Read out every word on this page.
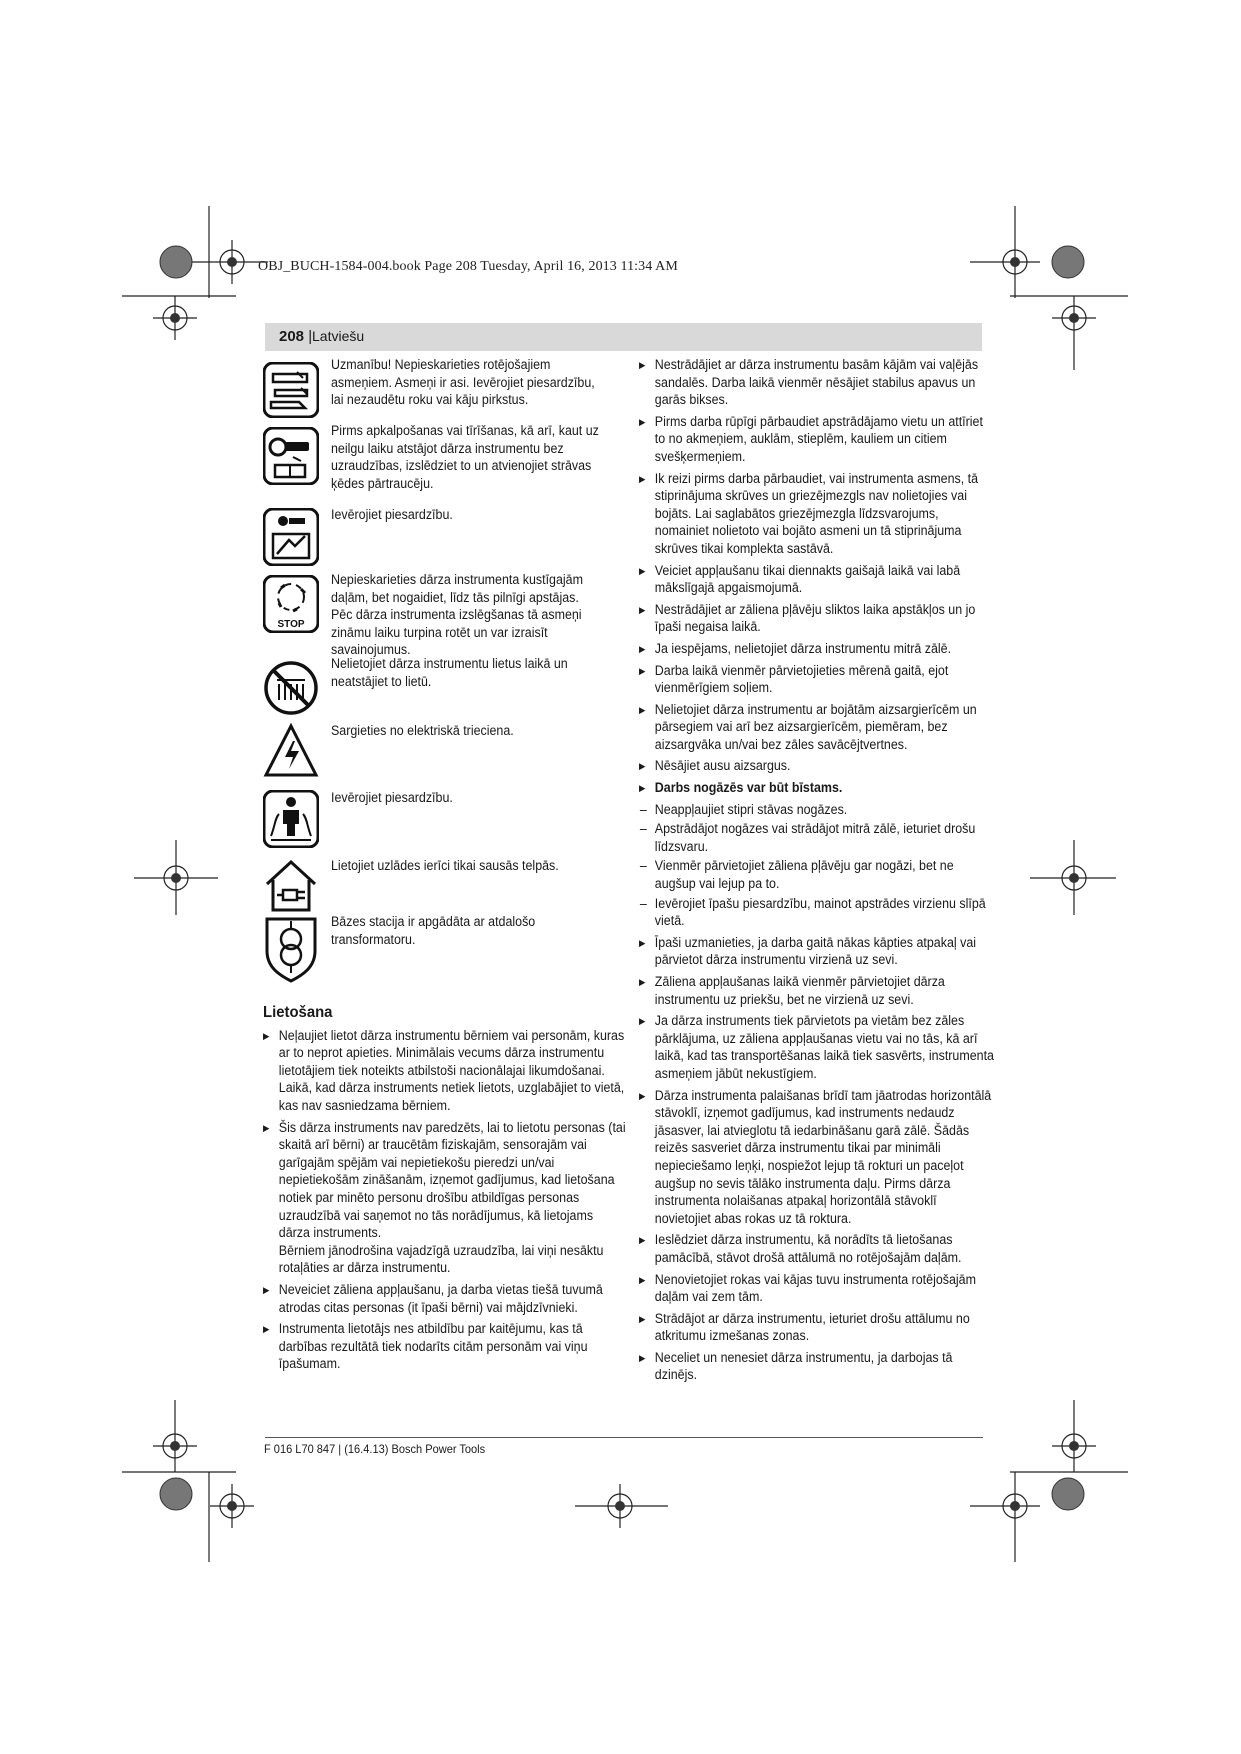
OBJ_BUCH-1584-004.book Page 208 Tuesday, April 16, 2013 11:34 AM
208 | Latviešu
Uzmanību! Nepieskarieties rotējošajiem asmeņiem. Asmeņi ir asi. Ievērojiet piesardzību, lai nezaudētu roku vai kāju pirkstus.
Pirms apkalpošanas vai tīrīšanas, kā arī, kaut uz neilgu laiku atstājot dārza instrumentu bez uzraudzības, izslēdziet to un atvienojiet strāvas ķēdes pārtraucēju.
Ievērojiet piesardzību.
STOP
Nepieskarieties dārza instrumenta kustīgajām daļām, bet nogaidiet, līdz tās pilnīgi apstājas. Pēc dārza instrumenta izslēgšanas tā asmeņi zināmu laiku turpina rotēt un var izraisīt savainojumus.
Nelietojiet dārza instrumentu lietus laikā un neatstājiet to lietū.
Sargieties no elektriskā trieciena.
Ievērojiet piesardzību.
Lietojiet uzlādes ierīci tikai sausās telpās.
Bāzes stacija ir apgādāta ar atdalošo transformatoru.
Lietošana
▶ Neļaujiet lietot dārza instrumentu bērniem vai personām, kuras ar to neprot apieties. Minimālais vecums dārza instrumentu lietotājiem tiek noteikts atbilstoši nacionālajai likumdošanai. Laikā, kad dārza instruments netiek lietots, uzglabājiet to vietā, kas nav sasniedzama bērniem.
▶ Šis dārza instruments nav paredzēts, lai to lietotu personas (tai skaitā arī bērni) ar traucētām fiziskajām, sensorajām vai garīgajām spējām vai nepietiekošu pieredzi un/vai nepietiekošām zināšanām, izņemot gadījumus, kad lietošana notiek par minēto personu drošību atbildīgas personas uzraudzībā vai saņemot no tās norādījumus, kā lietojams dārza instruments.
Bērniem jānodrošina vajadzīgā uzraudzība, lai viņi nesāktu rotaļāties ar dārza instrumentu.
▶ Neveiciet zāliena appļaušanu, ja darba vietas tiešā tuvumā atrodas citas personas (it īpaši bērni) vai mājdzīvnieki.
▶ Instrumenta lietotājs nes atbildību par kaitējumu, kas tā darbības rezultātā tiek nodarīts citām personām vai viņu īpašumam.
▶ Nestrādājiet ar dārza instrumentu basām kājām vai vaļējās sandalēs. Darba laikā vienmēr nēsājiet stabilus apavus un garās bikses.
▶ Pirms darba rūpīgi pārbaudiet apstrādājamo vietu un attīriet to no akmeņiem, auklām, stieplēm, kauliem un citiem svešķermeņiem.
▶ Ik reizi pirms darba pārbaudiet, vai instrumenta asmens, tā stiprinājuma skrūves un griezējmezgls nav nolietojies vai bojāts. Lai saglabātos griezējmezgla līdzsvarojums, nomainiet nolietoto vai bojāto asmeni un tā stiprinājuma skrūves tikai komplekta sastāvā.
▶ Veiciet appļaušanu tikai diennakts gaišajā laikā vai labā mākslīgajā apgaismojumā.
▶ Nestrādājiet ar zāliena pļāvēju sliktos laika apstākļos un jo īpaši negaisa laikā.
▶ Ja iespējams, nelietojiet dārza instrumentu mitrā zālē.
▶ Darba laikā vienmēr pārvietojieties mērenā gaitā, ejot vienmērīgiem soļiem.
▶ Nelietojiet dārza instrumentu ar bojātām aizsargierīcēm un pārsegiem vai arī bez aizsargierīcēm, piemēram, bez aizsargvāka un/vai bez zāles savācējtvertnes.
▶ Nēsājiet ausu aizsargus.
▶ Darbs nogāzēs var būt bīstams.
– Neappļaujiet stipri stāvas nogāzes.
– Apstrādājot nogāzes vai strādājot mitrā zālē, ieturiet drošu līdzsvaru.
– Vienmēr pārvietojiet zāliena pļāvēju gar nogāzi, bet ne augšup vai lejup pa to.
– Ievērojiet īpašu piesardzību, mainot apstrādes virzienu slīpā vietā.
▶ Īpaši uzmanieties, ja darba gaitā nākas kāpties atpakaļ vai pārvietot dārza instrumentu virzienā uz sevi.
▶ Zāliena appļaušanas laikā vienmēr pārvietojiet dārza instrumentu uz priekšu, bet ne virzienā uz sevi.
▶ Ja dārza instruments tiek pārvietots pa vietām bez zāles pārklājuma, uz zāliena appļaušanas vietu vai no tās, kā arī laikā, kad tas transportēšanas laikā tiek sasvērts, instrumenta asmeņiem jābūt nekustīgiem.
▶ Dārza instrumenta palaišanas brīdī tam jāatrodas horizontālā stāvoklī, izņemot gadījumus, kad instruments nedaudz jāsasver, lai atvieglotu tā iedarbināšanu garā zālē. Šādās reizēs sasveriet dārza instrumentu tikai par minimāli nepieciešamo leņķi, nospiežot lejup tā rokturi un paceļot augšup no sevis tālāko instrumenta daļu. Pirms dārza instrumenta nolaišanas atpakaļ horizontālā stāvoklī novietojiet abas rokas uz tā roktura.
▶ Ieslēdziet dārza instrumentu, kā norādīts tā lietošanas pamācībā, stāvot drošā attālumā no rotējošajām daļām.
▶ Nenovietojiet rokas vai kājas tuvu instrumenta rotējošajām daļām vai zem tām.
▶ Strādājot ar dārza instrumentu, ieturiet drošu attālumu no atkritumu izmešanas zonas.
▶ Neceliet un nenesiet dārza instrumentu, ja darbojas tā dzinējs.
F 016 L70 847 | (16.4.13) Bosch Power Tools
